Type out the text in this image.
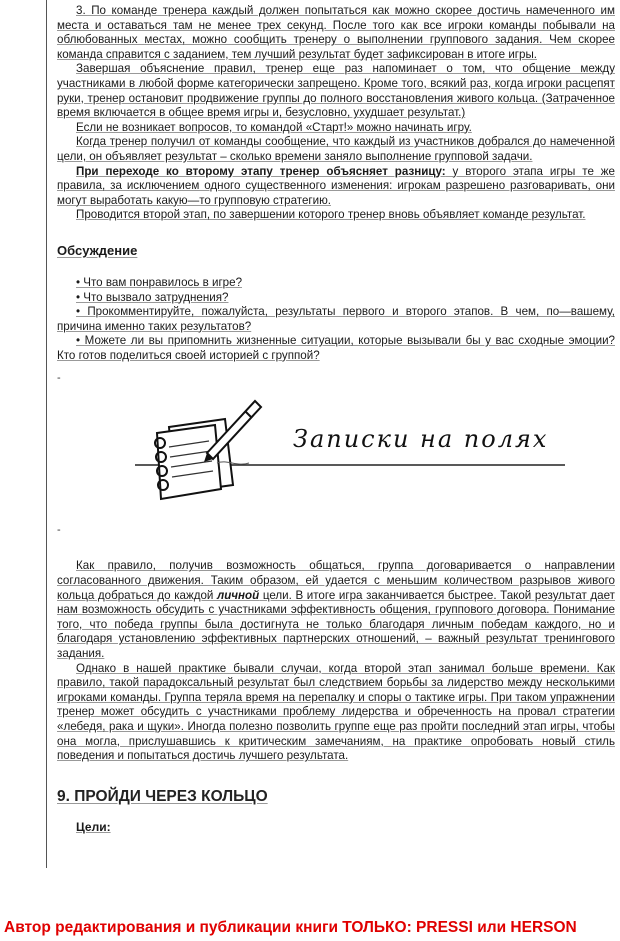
3. По команде тренера каждый должен попытаться как можно скорее достичь намеченного им места и оставаться там не менее трех секунд. После того как все игроки команды побывали на облюбованных местах, можно сообщить тренеру о выполнении группового задания. Чем скорее команда справится с заданием, тем лучший результат будет зафиксирован в итоге игры.

Завершая объяснение правил, тренер еще раз напоминает о том, что общение между участниками в любой форме категорически запрещено. Кроме того, всякий раз, когда игроки расцепят руки, тренер остановит продвижение группы до полного восстановления живого кольца. (Затраченное время включается в общее время игры и, безусловно, ухудшает результат.)

Если не возникает вопросов, то командой «Старт!» можно начинать игру.

Когда тренер получил от команды сообщение, что каждый из участников добрался до намеченной цели, он объявляет результат – сколько времени заняло выполнение групповой задачи.

При переходе ко второму этапу тренер объясняет разницу: у второго этапа игры те же правила, за исключением одного существенного изменения: игрокам разрешено разговаривать, они могут выработать какую—то групповую стратегию.

Проводится второй этап, по завершении которого тренер вновь объявляет команде результат.

Обсуждение

• Что вам понравилось в игре?

• Что вызвало затруднения?

• Прокомментируйте, пожалуйста, результаты первого и второго этапов. В чем, по—вашему, причина именно таких результатов?

• Можете ли вы припомнить жизненные ситуации, которые вызывали бы у вас сходные эмоции? Кто готов поделиться своей историей с группой?

-
Записки на полях
-

Как правило, получив возможность общаться, группа договаривается о направлении согласованного движения. Таким образом, ей удается с меньшим количеством разрывов живого кольца добраться до каждой личной цели. В итоге игра заканчивается быстрее. Такой результат дает нам возможность обсудить с участниками эффективность общения, группового договора. Понимание того, что победа группы была достигнута не только благодаря личным победам каждого, но и благодаря установлению эффективных партнерских отношений, – важный результат тренингового задания.

Однако в нашей практике бывали случаи, когда второй этап занимал больше времени. Как правило, такой парадоксальный результат был следствием борьбы за лидерство между несколькими игроками команды. Группа теряла время на перепалку и споры о тактике игры. При таком упражнении тренер может обсудить с участниками проблему лидерства и обреченность на провал стратегии «лебедя, рака и щуки». Иногда полезно позволить группе еще раз пройти последний этап игры, чтобы она могла, прислушавшись к критическим замечаниям, на практике опробовать новый стиль поведения и попытаться достичь лучшего результата.

9. ПРОЙДИ ЧЕРЕЗ КОЛЬЦО
Цели:
Автор редактирования и публикации книги ТОЛЬКО: PRESSI или HERSON
